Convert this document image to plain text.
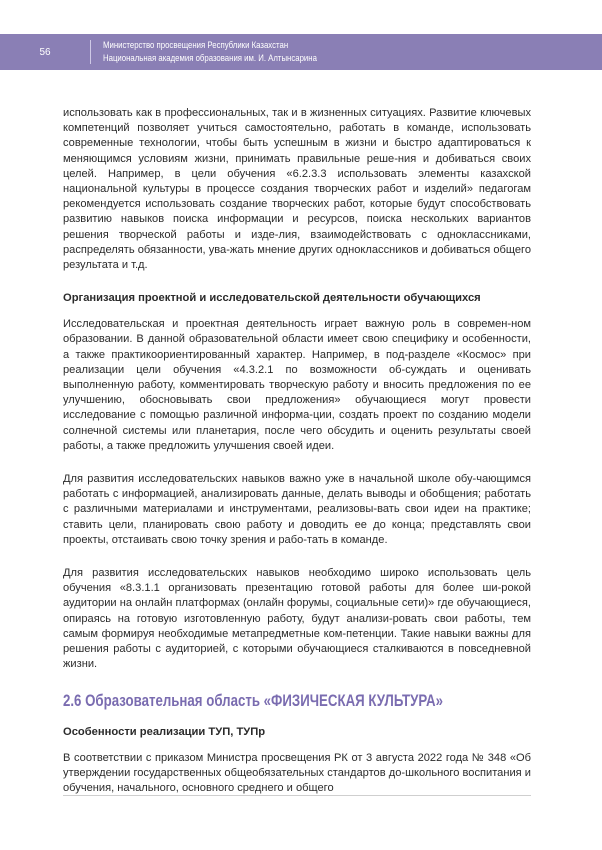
56
Министерство просвещения Республики Казахстан
Национальная академия образования им. И. Алтынсарина

использовать как в профессиональных, так и в жизненных ситуациях. Развитие ключевых компетенций позволяет учиться самостоятельно, работать в команде, использовать современные технологии, чтобы быть успешным в жизни и быстро адаптироваться к меняющимся условиям жизни, принимать правильные реше-ния и добиваться своих целей. Например, в цели обучения «6.2.3.3 использовать элементы казахской национальной культуры в процессе создания творческих работ и изделий» педагогам рекомендуется использовать создание творческих работ, которые будут способствовать развитию навыков поиска информации и ресурсов, поиска нескольких вариантов решения творческой работы и изде-лия, взаимодействовать с одноклассниками, распределять обязанности, ува-жать мнение других одноклассников и добиваться общего результата и т.д.

Организация проектной и исследовательской деятельности обучающихся

Исследовательская и проектная деятельность играет важную роль в современ-ном образовании. В данной образовательной области имеет свою специфику и особенности, а также практикоориентированный характер. Например, в под-разделе «Космос» при реализации цели обучения «4.3.2.1 по возможности об-суждать и оценивать выполненную работу, комментировать творческую работу и вносить предложения по ее улучшению, обосновывать свои предложения» обучающиеся могут провести исследование с помощью различной информа-ции, создать проект по созданию модели солнечной системы или планетария, после чего обсудить и оценить результаты своей работы, а также предложить улучшения своей идеи.

Для развития исследовательских навыков важно уже в начальной школе обу-чающимся работать с информацией, анализировать данные, делать выводы и обобщения; работать с различными материалами и инструментами, реализовы-вать свои идеи на практике; ставить цели, планировать свою работу и доводить ее до конца; представлять свои проекты, отстаивать свою точку зрения и рабо-тать в команде.

Для развития исследовательских навыков необходимо широко использовать цель обучения «8.3.1.1 организовать презентацию готовой работы для более ши-рокой аудитории на онлайн платформах (онлайн форумы, социальные сети)» где обучающиеся, опираясь на готовую изготовленную работу, будут анализи-ровать свои работы, тем самым формируя необходимые метапредметные ком-петенции. Такие навыки важны для решения работы с аудиторией, с которыми обучающиеся сталкиваются в повседневной жизни.

2.6 Образовательная область «ФИЗИЧЕСКАЯ КУЛЬТУРА»
Особенности реализации ТУП, ТУПр

В соответствии с приказом Министра просвещения РК от 3 августа 2022 года № 348 «Об утверждении государственных общеобязательных стандартов до-школьного воспитания и обучения, начального, основного среднего и общего
